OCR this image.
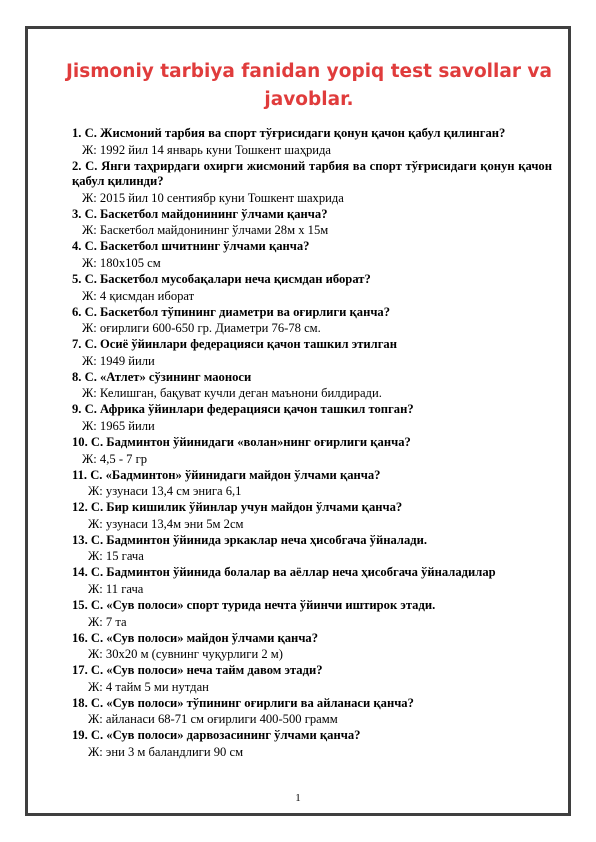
Jismoniy tarbiya fanidan yopiq test savollar va javoblar.

1. С. Жисмоний тарбия ва спорт тўғрисидаги қонун қачон қабул қилинган?

Ж: 1992 йил 14 январь куни Тошкент шаҳрида

2. С. Янги таҳрирдаги охирги жисмоний тарбия ва спорт тўғрисидаги қонун қачон қабул қилинди?

Ж: 2015 йил 10 сентиябр куни Тошкент шахрида

3. С. Баскетбол майдонининг ўлчами қанча?

Ж: Баскетбол майдонининг ўлчами 28м x 15м

4. С. Баскетбол шчитнинг ўлчами қанча?

Ж: 180х105 см

5. С. Баскетбол мусобақалари неча қисмдан иборат?

Ж: 4 қисмдан иборат

6. С. Баскетбол тўпининг диаметри ва оғирлиги қанча?

Ж: оғирлиги 600-650 гр. Диаметри 76-78 см.

7. С. Осиё ўйинлари федерацияси қачон ташкил этилган

Ж: 1949 йили

8. С. «Атлет» сўзининг маоноси

Ж: Келишган, бақуват кучли деган маънони билдиради.

9. С. Африка ўйинлари федерацияси қачон ташкил топган?

Ж: 1965 йили

10. С. Бадминтон ўйинидаги «волан»нинг оғирлиги қанча?

Ж: 4,5 - 7 гр

11. С. «Бадминтон» ўйинидаги майдон ўлчами қанча?

Ж: узунаси 13,4 см энига 6,1

12. С. Бир кишилик ўйинлар учун майдон ўлчами қанча?

Ж: узунаси 13,4м эни 5м 2см

13. С. Бадминтон ўйинида эркаклар неча ҳисобгача ўйналади.

Ж: 15 гача

14. С. Бадминтон ўйинида болалар ва аёллар неча ҳисобгача ўйналадилар

Ж: 11 гача

15. С. «Сув полоси» спорт турида нечта ўйинчи иштирок этади.

Ж: 7 та

16. С. «Сув полоси» майдон ўлчами қанча?

Ж: 30х20 м (сувнинг чуқурлиги 2 м)

17. С. «Сув полоси» неча тайм давом этади?

Ж: 4 тайм 5 ми нутдан

18. С. «Сув полоси» тўпининг оғирлиги ва айланаси қанча?

Ж: айланаси 68-71 см оғирлиги 400-500 грамм

19. С. «Сув полоси» дарвозасининг ўлчами қанча?

Ж: эни 3 м баландлиги 90 см

1
